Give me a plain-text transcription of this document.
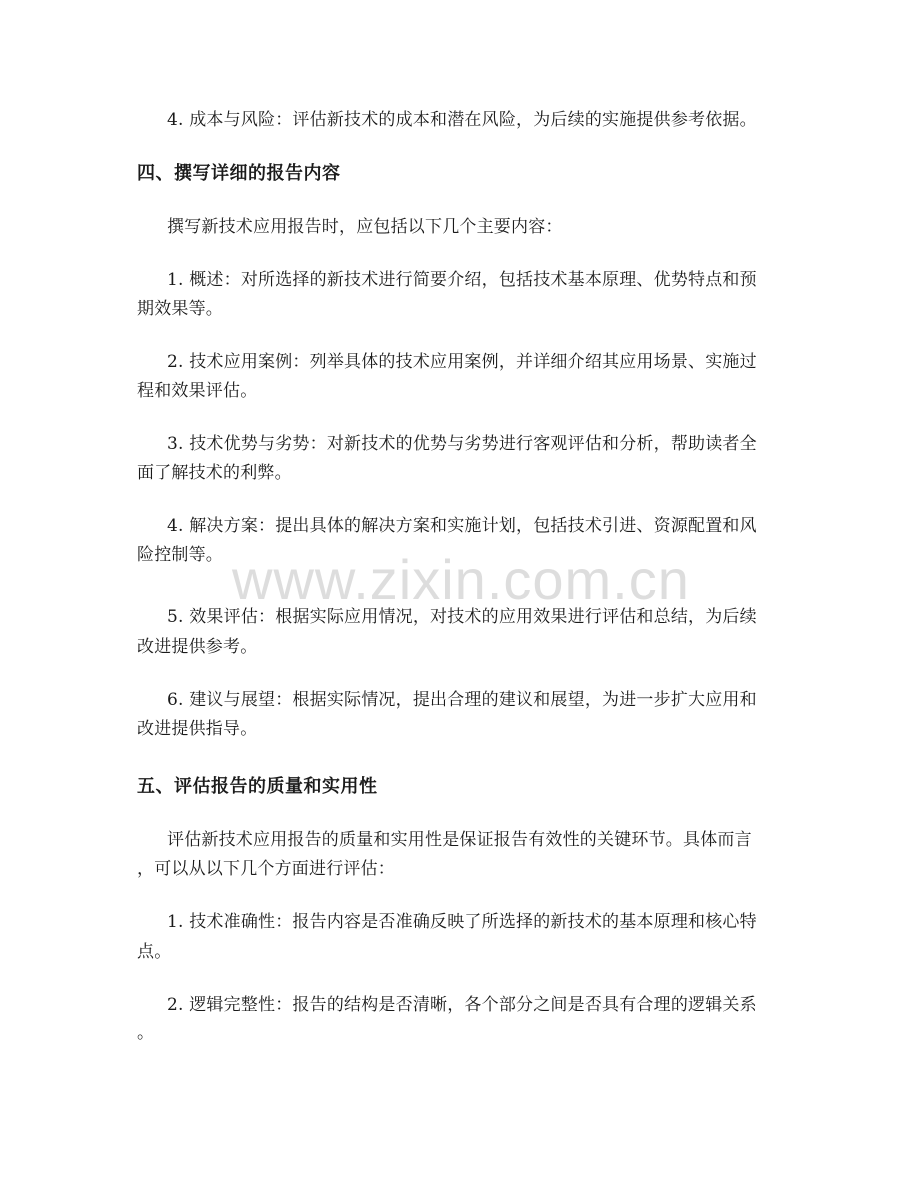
www.zixin.com.cn
4. 成本与风险：评估新技术的成本和潜在风险，为后续的实施提供参考依据。
四、撰写详细的报告内容
撰写新技术应用报告时，应包括以下几个主要内容：
1. 概述：对所选择的新技术进行简要介绍，包括技术基本原理、优势特点和预
期效果等。
2. 技术应用案例：列举具体的技术应用案例，并详细介绍其应用场景、实施过
程和效果评估。
3. 技术优势与劣势：对新技术的优势与劣势进行客观评估和分析，帮助读者全
面了解技术的利弊。
4. 解决方案：提出具体的解决方案和实施计划，包括技术引进、资源配置和风
险控制等。
5. 效果评估：根据实际应用情况，对技术的应用效果进行评估和总结，为后续
改进提供参考。
6. 建议与展望：根据实际情况，提出合理的建议和展望，为进一步扩大应用和
改进提供指导。
五、评估报告的质量和实用性
评估新技术应用报告的质量和实用性是保证报告有效性的关键环节。具体而言
，可以从以下几个方面进行评估：
1. 技术准确性：报告内容是否准确反映了所选择的新技术的基本原理和核心特
点。
2. 逻辑完整性：报告的结构是否清晰，各个部分之间是否具有合理的逻辑关系
。
